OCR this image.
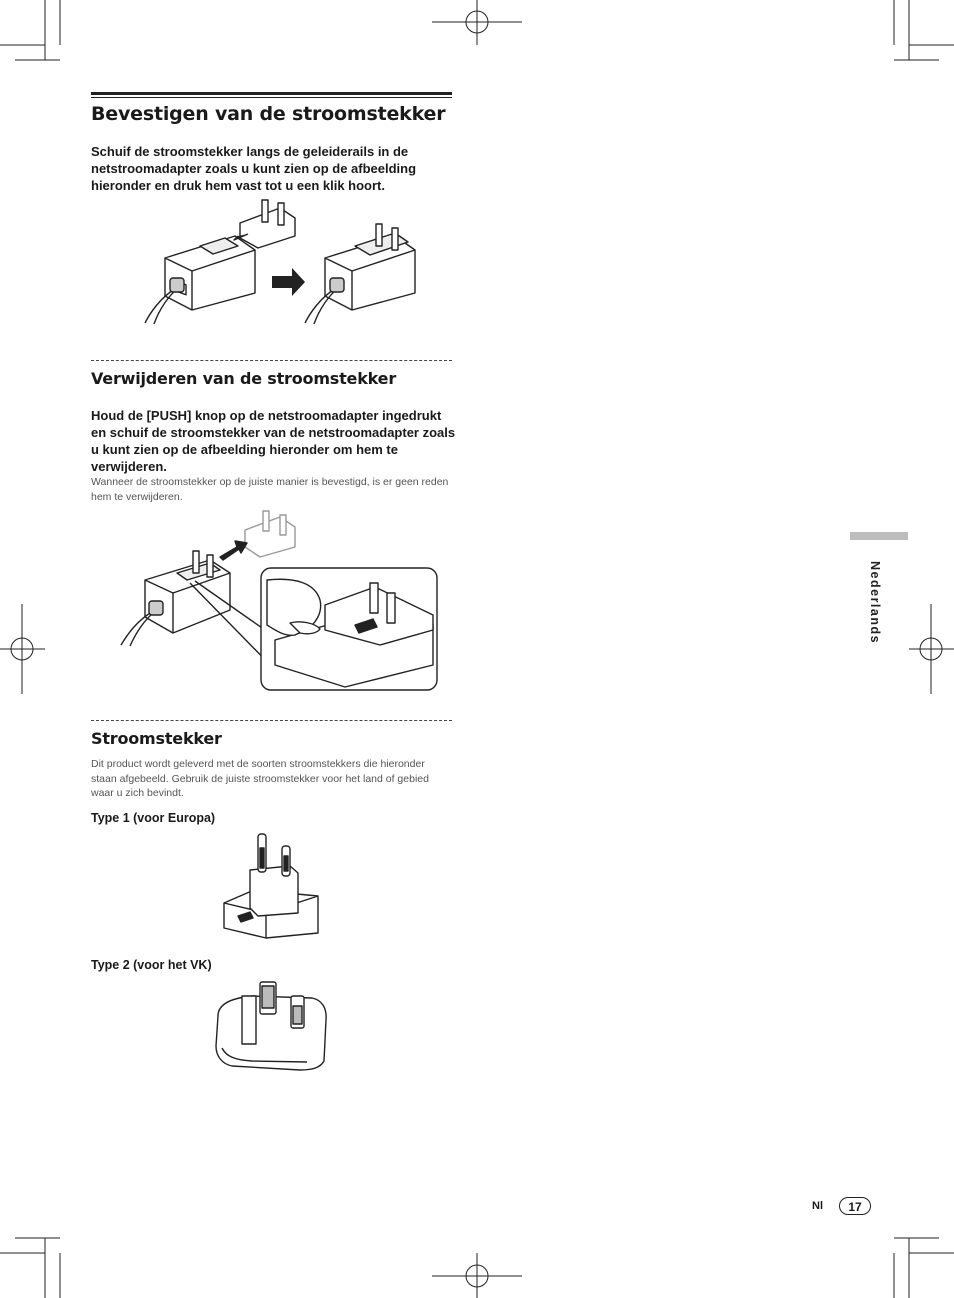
Bevestigen van de stroomstekker

Schuif de stroomstekker langs de geleiderails in de netstroomadapter zoals u kunt zien op de afbeelding hieronder en druk hem vast tot u een klik hoort.

Verwijderen van de stroomstekker

Houd de [PUSH] knop op de netstroomadapter ingedrukt en schuif de stroomstekker van de netstroomadapter zoals u kunt zien op de afbeelding hieronder om hem te verwijderen.

Wanneer de stroomstekker op de juiste manier is bevestigd, is er geen reden hem te verwijderen.

Stroomstekker

Dit product wordt geleverd met de soorten stroomstekkers die hieronder staan afgebeeld. Gebruik de juiste stroomstekker voor het land of gebied waar u zich bevindt.

Type 1 (voor Europa)

Type 2 (voor het VK)

Nederlands
Nl	17
